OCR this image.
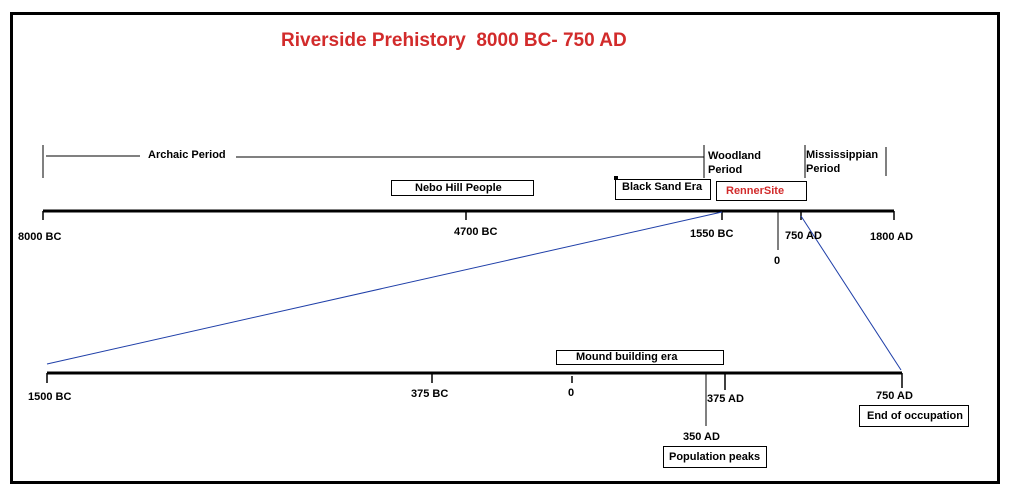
Riverside Prehistory  8000 BC- 750 AD
Archaic Period	Woodland
Period
Mississippian
Period
Nebo Hill People	Black Sand Era	RennerSite
8000 BC	4700 BC	1550 BC	750 AD	1800 AD
0
Mound building era
Population peaks
End of occupation
1500 BC	375 BC	0	375 AD
350 AD
750 AD
